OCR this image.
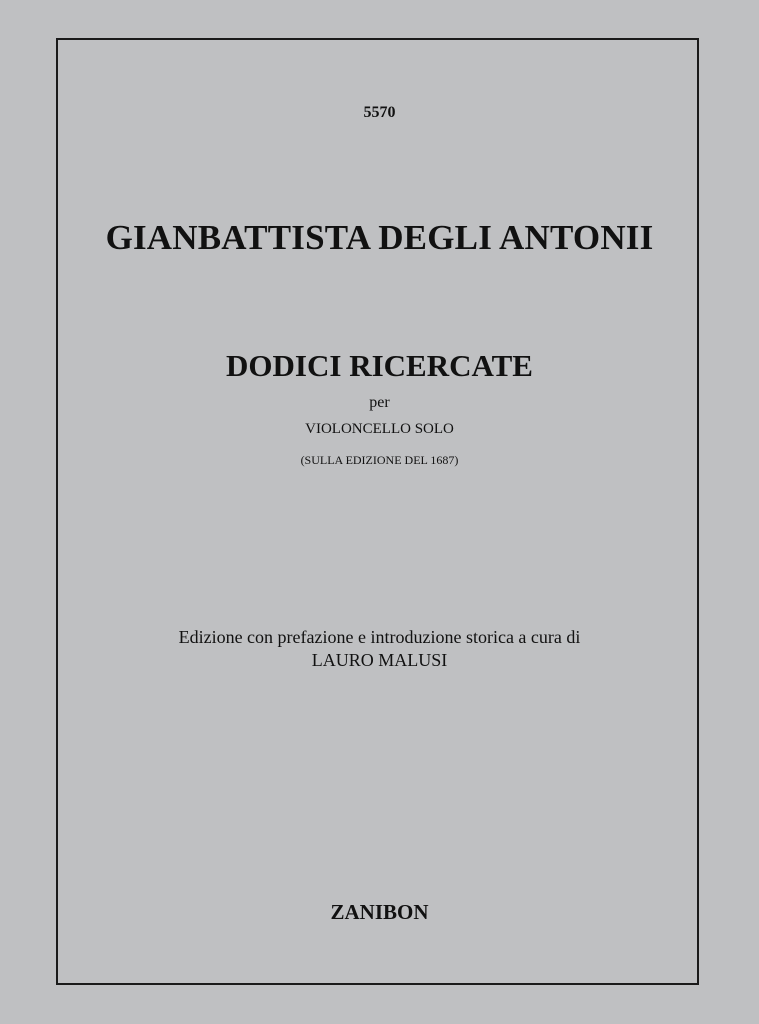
5570
GIANBATTISTA DEGLI ANTONII
DODICI RICERCATE
per
VIOLONCELLO SOLO
(SULLA EDIZIONE DEL 1687)
Edizione con prefazione e introduzione storica a cura di
LAURO MALUSI
ZANIBON
